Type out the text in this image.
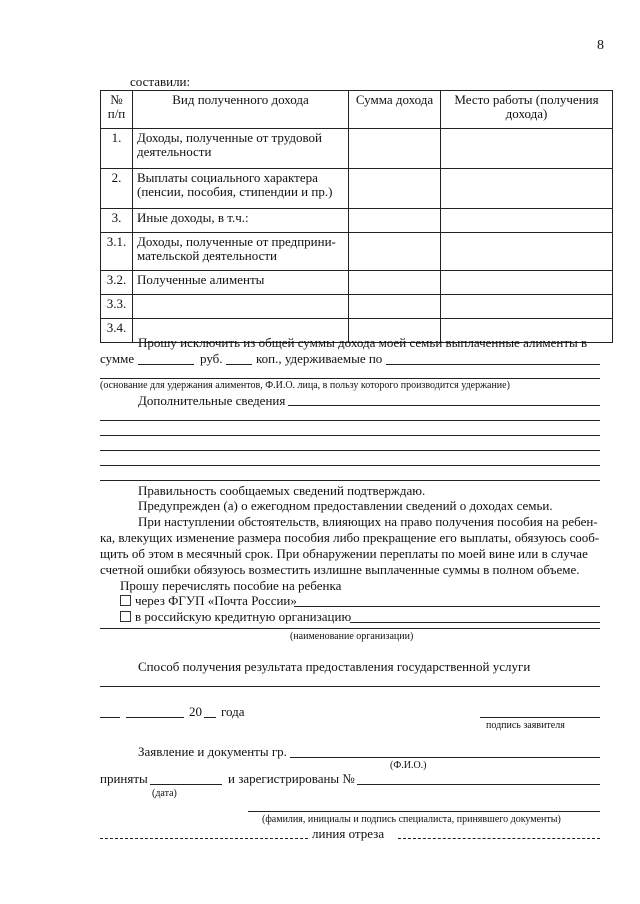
8
составили:
№ п/п	Вид полученного дохода	Сумма дохода	Место работы (получения дохода)
1.	Доходы, полученные от трудовой деятельности		
2.	Выплаты социального характера (пенсии, пособия, стипендии и пр.)		
3.	Иные доходы, в т.ч.:		
3.1.	Доходы, полученные от предприни-мательской деятельности		
3.2.	Полученные алименты		
3.3.			
3.4.			
Прошу исключить из общей суммы дохода моей семьи выплаченные алименты в
сумме	руб.	коп., удерживаемые по
(основание для удержания алиментов, Ф.И.О. лица, в пользу которого производится удержание)
Дополнительные сведения
Правильность сообщаемых сведений подтверждаю.
Предупрежден (а) о ежегодном предоставлении сведений о доходах семьи.
При наступлении обстоятельств, влияющих на право получения пособия на ребен-
ка, влекущих изменение размера пособия либо прекращение его выплаты, обязуюсь сооб-
щить об этом в месячный срок. При обнаружении переплаты по моей вине или в случае
счетной ошибки обязуюсь возместить излишне выплаченные суммы в полном объеме.
Прошу перечислять пособие на ребенка
через ФГУП «Почта России»
в российскую кредитную организацию
(наименование организации)
Способ получения результата предоставления государственной услуги
20 года
подпись заявителя
Заявление и документы гр.
(Ф.И.О.)
приняты	и зарегистрированы №
(дата)
(фамилия, инициалы и подпись специалиста, принявшего документы)
линия отреза
